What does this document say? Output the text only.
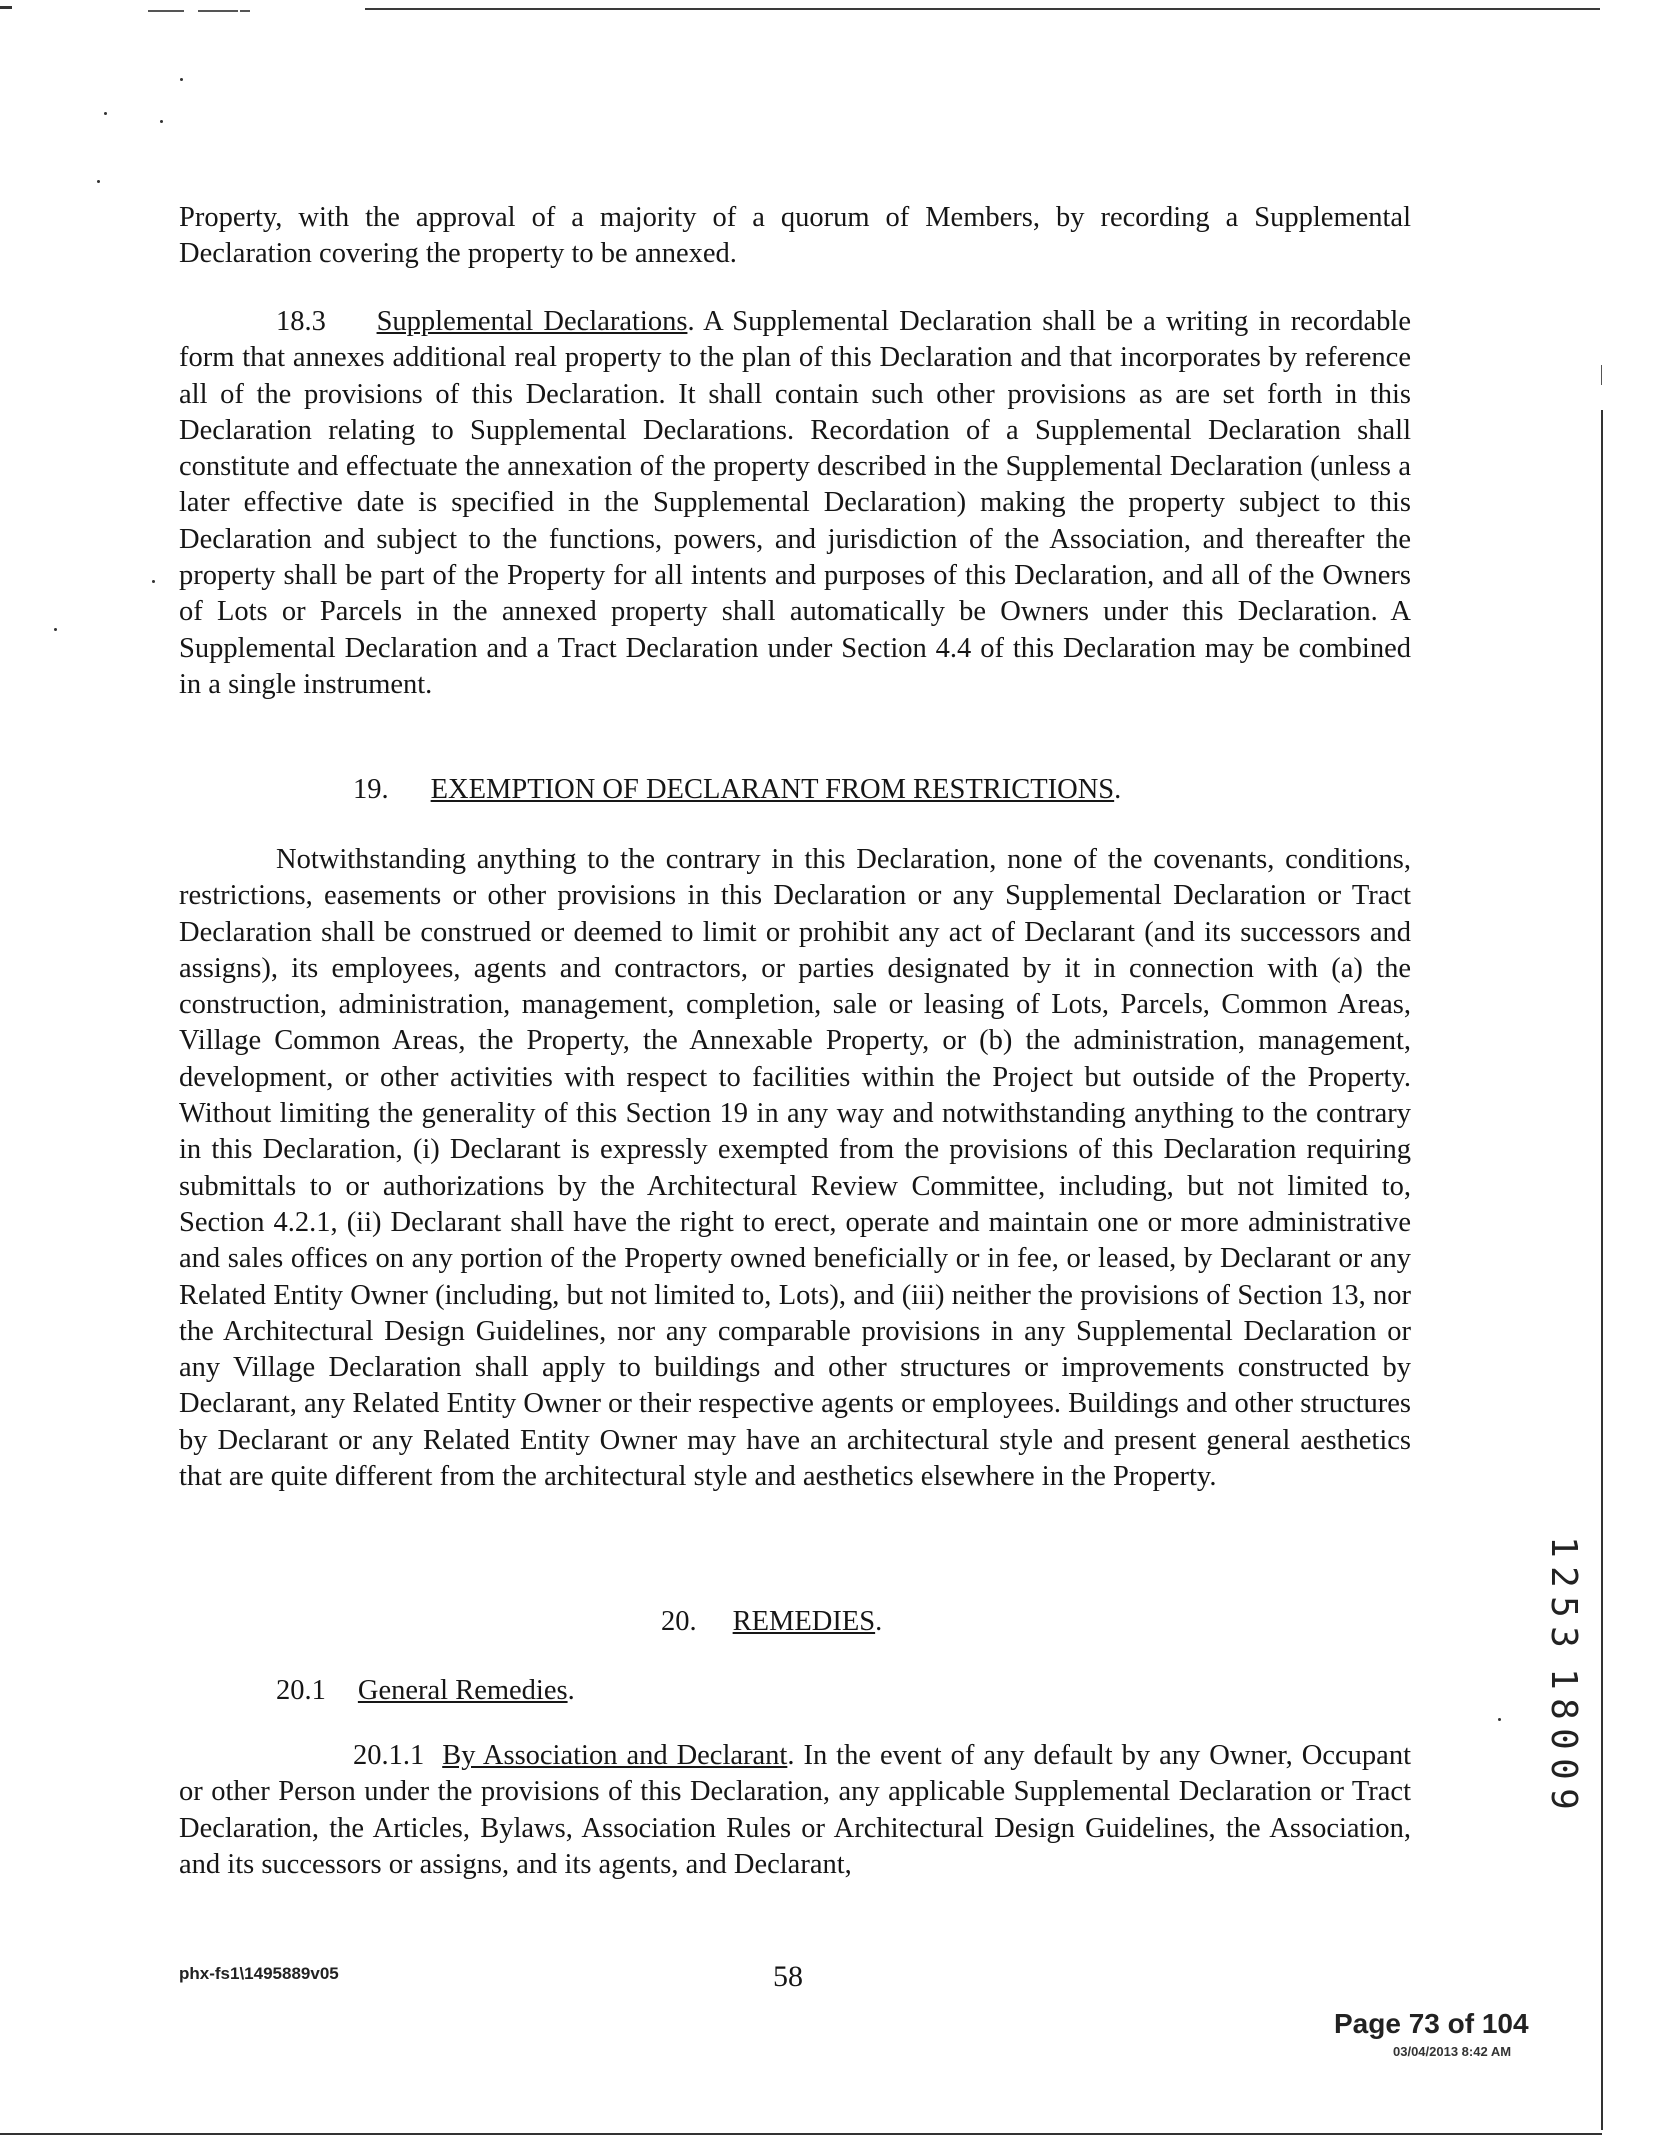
Property, with the approval of a majority of a quorum of Members, by recording a Supplemental Declaration covering the property to be annexed.

18.3 Supplemental Declarations. A Supplemental Declaration shall be a writing in recordable form that annexes additional real property to the plan of this Declaration and that incorporates by reference all of the provisions of this Declaration. It shall contain such other provisions as are set forth in this Declaration relating to Supplemental Declarations. Recordation of a Supplemental Declaration shall constitute and effectuate the annexation of the property described in the Supplemental Declaration (unless a later effective date is specified in the Supplemental Declaration) making the property subject to this Declaration and subject to the functions, powers, and jurisdiction of the Association, and thereafter the property shall be part of the Property for all intents and purposes of this Declaration, and all of the Owners of Lots or Parcels in the annexed property shall automatically be Owners under this Declaration. A Supplemental Declaration and a Tract Declaration under Section 4.4 of this Declaration may be combined in a single instrument.

19. EXEMPTION OF DECLARANT FROM RESTRICTIONS.

Notwithstanding anything to the contrary in this Declaration, none of the covenants, conditions, restrictions, easements or other provisions in this Declaration or any Supplemental Declaration or Tract Declaration shall be construed or deemed to limit or prohibit any act of Declarant (and its successors and assigns), its employees, agents and contractors, or parties designated by it in connection with (a) the construction, administration, management, completion, sale or leasing of Lots, Parcels, Common Areas, Village Common Areas, the Property, the Annexable Property, or (b) the administration, management, development, or other activities with respect to facilities within the Project but outside of the Property. Without limiting the generality of this Section 19 in any way and notwithstanding anything to the contrary in this Declaration, (i) Declarant is expressly exempted from the provisions of this Declaration requiring submittals to or authorizations by the Architectural Review Committee, including, but not limited to, Section 4.2.1, (ii) Declarant shall have the right to erect, operate and maintain one or more administrative and sales offices on any portion of the Property owned beneficially or in fee, or leased, by Declarant or any Related Entity Owner (including, but not limited to, Lots), and (iii) neither the provisions of Section 13, nor the Architectural Design Guidelines, nor any comparable provisions in any Supplemental Declaration or any Village Declaration shall apply to buildings and other structures or improvements constructed by Declarant, any Related Entity Owner or their respective agents or employees. Buildings and other structures by Declarant or any Related Entity Owner may have an architectural style and present general aesthetics that are quite different from the architectural style and aesthetics elsewhere in the Property.

20. REMEDIES.
20.1 General Remedies.

20.1.1 By Association and Declarant. In the event of any default by any Owner, Occupant or other Person under the provisions of this Declaration, any applicable Supplemental Declaration or Tract Declaration, the Articles, Bylaws, Association Rules or Architectural Design Guidelines, the Association, and its successors or assigns, and its agents, and Declarant,

phx-fs1\1495889v05	58
Page 73 of 104
03/04/2013 8:42 AM
1
2
5
3
1
8
0
0
9
